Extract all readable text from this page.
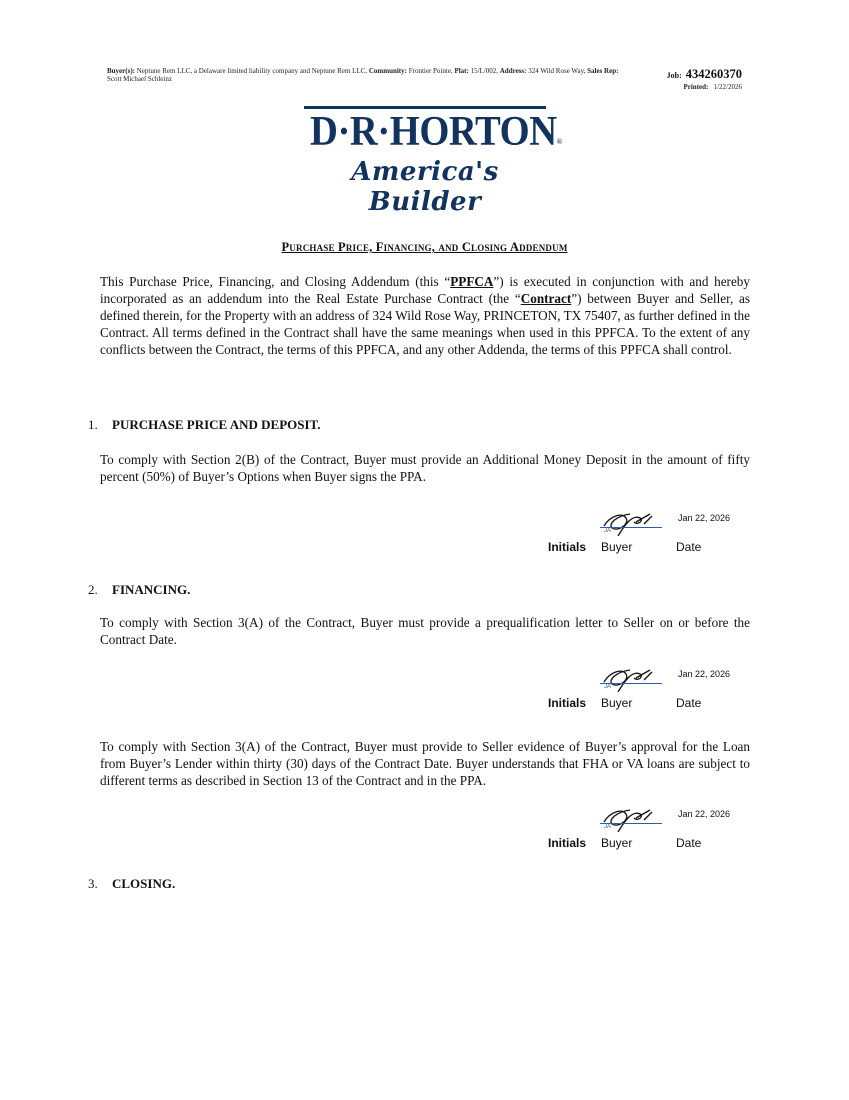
Buyer(s): Neptune Rem LLC, a Delaware limited liability company and Neptune Rem LLC, Community: Frontier Pointe, Plat: 15/L/002, Address: 324 Wild Rose Way, Sales Rep: Scott Michael Schleinz	Job: 434260370
Printed: 1/22/2026
D·R·HORTON®
America's Builder
Purchase Price, Financing, and Closing Addendum
This Purchase Price, Financing, and Closing Addendum (this “PPFCA”) is executed in conjunction with and hereby incorporated as an addendum into the Real Estate Purchase Contract (the “Contract”) between Buyer and Seller, as defined therein, for the Property with an address of 324 Wild Rose Way, PRINCETON, TX 75407, as further defined in the Contract. All terms defined in the Contract shall have the same meanings when used in this PPFCA. To the extent of any conflicts between the Contract, the terms of this PPFCA, and any other Addenda, the terms of this PPFCA shall control.
1. PURCHASE PRICE AND DEPOSIT.
To comply with Section 2(B) of the Contract, Buyer must provide an Additional Money Deposit in the amount of fifty percent (50%) of Buyer’s Options when Buyer signs the PPA.
JA
Jan 22, 2026
Initials Buyer	Date
2. FINANCING.
To comply with Section 3(A) of the Contract, Buyer must provide a prequalification letter to Seller on or before the Contract Date.
JA
Jan 22, 2026
Initials Buyer	Date
To comply with Section 3(A) of the Contract, Buyer must provide to Seller evidence of Buyer’s approval for the Loan from Buyer’s Lender within thirty (30) days of the Contract Date. Buyer understands that FHA or VA loans are subject to different terms as described in Section 13 of the Contract and in the PPA.
JA
Jan 22, 2026
Initials Buyer	Date
3. CLOSING.
